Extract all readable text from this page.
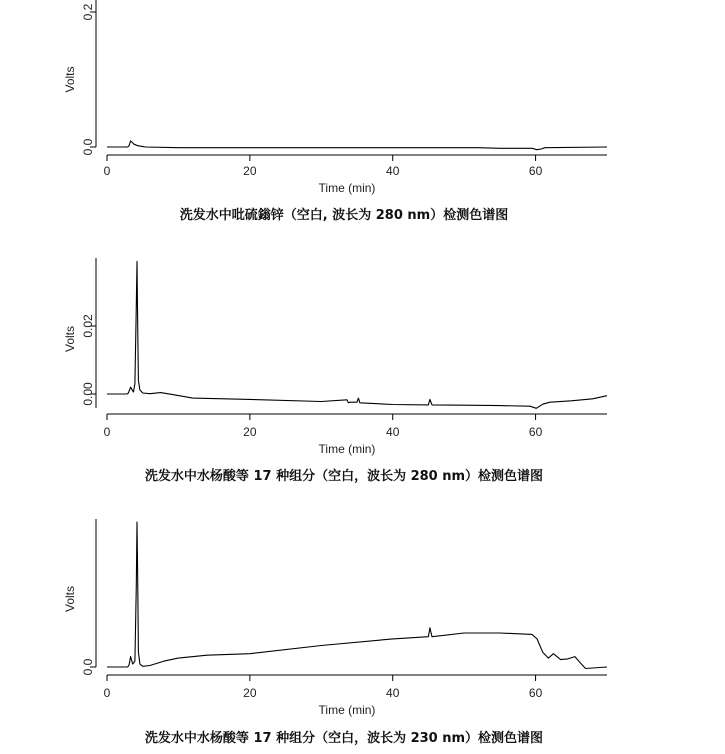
0	20	40	60
0.0
0.2
Time (min)
Volts
洗发水中吡硫鎓锌（空白, 波长为 280 nm）检测色谱图
0	20	40	60
0.00
0.02
Time (min)
Volts
洗发水中水杨酸等 17 种组分（空白，波长为 280 nm）检测色谱图
0	20	40	60
0.0
Time (min)
Volts
洗发水中水杨酸等 17 种组分（空白，波长为 230 nm）检测色谱图
